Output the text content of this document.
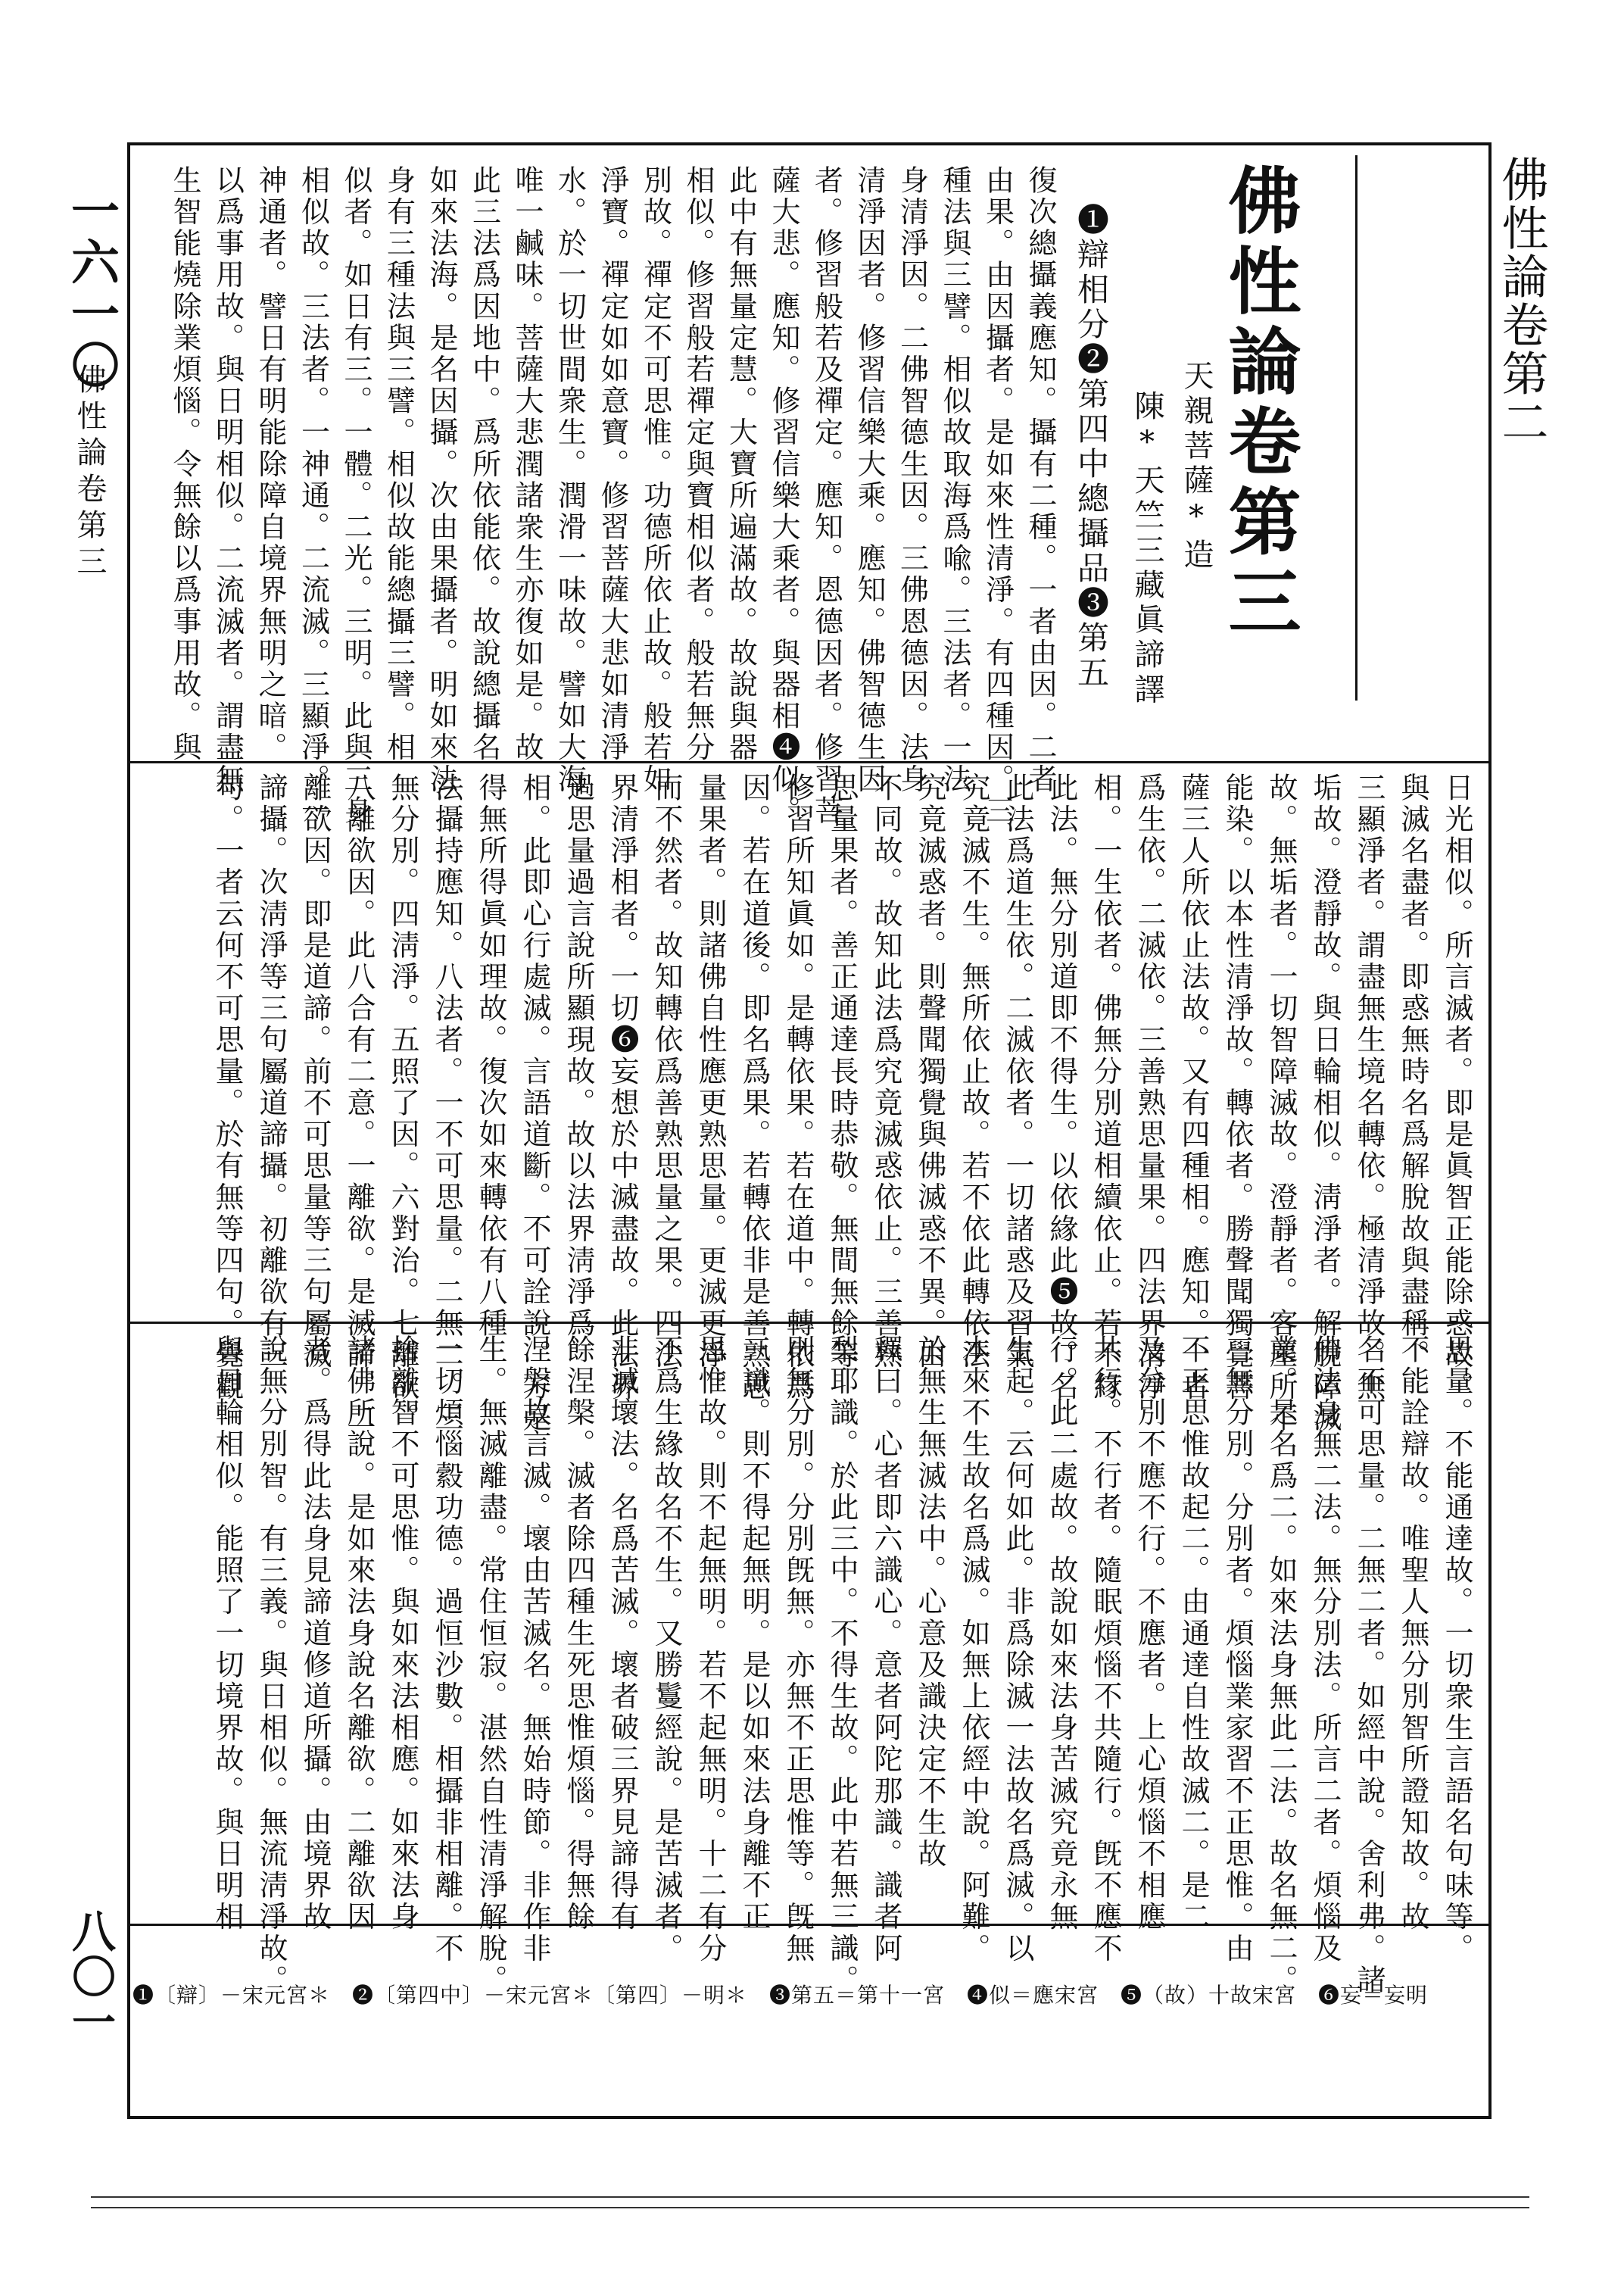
佛性論卷第二
一六一〇
佛性論卷第三
八〇一
佛性論卷第三
天親菩薩*造
陳*天竺三藏眞諦譯
❶辯相分❷第四中總攝品❸第五
復次總攝義應知。攝有二種。一者由因。二者
由果。由因攝者。是如來性清淨。有四種因。三
種法與三譬。相似故取海爲喩。三法者。一法
身清淨因。二佛智德生因。三佛恩德因。法身
清淨因者。修習信樂大乘。應知。佛智德生因
者。修習般若及禪定。應知。恩德因者。修習菩
薩大悲。應知。修習信樂大乘者。與器相❹似。
此中有無量定慧。大寶所遍滿故。故說與器
相似。修習般若禪定與寶相似者。般若無分
別故。禪定不可思惟。功德所依止故。般若如
淨寶。禪定如如意寶。修習菩薩大悲如清淨
水。於一切世間衆生。潤滑一味故。譬如大海
唯一鹹味。菩薩大悲潤諸衆生亦復如是。故
此三法爲因地中。爲所依能依。故說總攝名
如來法海。是名因攝。次由果攝者。明如來法
身有三種法與三譬。相似故能總攝三譬。相
似者。如日有三。一體。二光。三明。此與三身
相似故。三法者。一神通。二流滅。三顯淨。一
神通者。譬日有明能除障自境界無明之暗。
以爲事用故。與日明相似。二流滅者。謂盡無
生智能燒除業煩惱。令無餘以爲事用故。與
日光相似。所言滅者。即是眞智正能除惑故。
與滅名盡者。即惑無時名爲解脫故與盡稱。
三顯淨者。謂盡無生境名轉依。極清淨故。無
垢故。澄靜故。與日輪相似。淸淨者。解脫障滅
故。無垢者。一切智障滅故。澄靜者。客塵所不
能染。以本性清淨故。轉依者。勝聲聞獨覺菩
薩三人所依止法故。又有四種相。應知。一者
爲生依。二滅依。三善熟思量果。四法界清淨
相。一生依者。佛無分別道相續依止。若不緣
此法。無分別道即不得生。以依緣此❺故。名
此法爲道生依。二滅依者。一切諸惑及習氣
究竟滅不生。無所依止故。若不依此轉依法
究竟滅惑者。則聲聞獨覺與佛滅惑不異。由
不同故。故知此法爲究竟滅惑依止。三善熟
思量果者。善正通達長時恭敬。無間無餘等
修習所知眞如。是轉依果。若在道中。轉依爲
因。若在道後。即名爲果。若轉依非是善熟思
量果者。則諸佛自性應更熟思量。更滅更淨。
而不然者。故知轉依爲善熟思量之果。四法
界清淨相者。一切❻妄想於中滅盡故。此法界
過思量過言說所顯現故。故以法界淸淨爲
相。此即心行處滅。言語道斷。不可詮說。方是
得無所得眞如理故。復次如來轉依有八種
法攝持應知。八法者。一不可思量。二無二。三
無分別。四淸淨。五照了因。六對治。七離欲。
八離欲因。此八合有二意。一離欲。是滅諦。二
離欲因。即是道諦。前不可思量等三句屬滅
諦攝。次淸淨等三句屬道諦攝。初離欲有三
句。一者云何不可思量。於有無等四句。覺觀
思量。不能通達故。一切衆生言語名句味等。
不能詮辯故。唯聖人無分別智所證知故。故
名不可思量。二無二者。如經中說。舍利弗。諸
佛法身無二法。無分別法。所言二者。煩惱及
業。是名爲二。如來法身無此二法。故名無二。
三無分別。分別者。煩惱業家習不正思惟。由
不正思惟故起二。由通達自性故滅二。是二
及分別不應不行。不應者。上心煩惱不相應
共行。不行者。隨眠煩惱不共隨行。旣不應不
行。此二處故。故說如來法身苦滅究竟永無
生起。云何如此。非爲除滅一法故名爲滅。以
本來不生故名爲滅。如無上依經中說。阿難。
於無生無滅法中。心意及識決定不生故
釋曰。心者即六識心。意者阿陀那識。識者阿
梨耶識。於此三中。不得生故。此中若無三識。
則無分別。分別旣無。亦無不正思惟等。旣無
三識。則不得起無明。是以如來法身離不正
思惟故。則不起無明。若不起無明。十二有分
不爲生緣故名不生。又勝鬘經說。是苦滅者。
非滅壞法。名爲苦滅。壞者破三界見諦得有
餘涅槃。滅者除四種生死思惟煩惱。得無餘
涅槃故言滅。壞由苦滅名。無始時節。非作非
生。無滅離盡。常住恒寂。湛然自性清淨解脫。
一切煩惱縠功德。過恒沙數。相攝非相離。不
捨離智不可思惟。與如來法相應。如來法身
諸佛所說。是如來法身說名離欲。二離欲因
者。爲得此法身見諦道修道所攝。由境界故
說無分別智。有三義。與日相似。無流淸淨故。
與日輪相似。能照了一切境界故。與日明相
❶〔辯〕－宋元宮＊　❷〔第四中〕－宋元宮＊〔第四〕－明＊　❸第五＝第十一宮　❹似＝應宋宮　❺（故）十故宋宮　❻妄＝妄明
